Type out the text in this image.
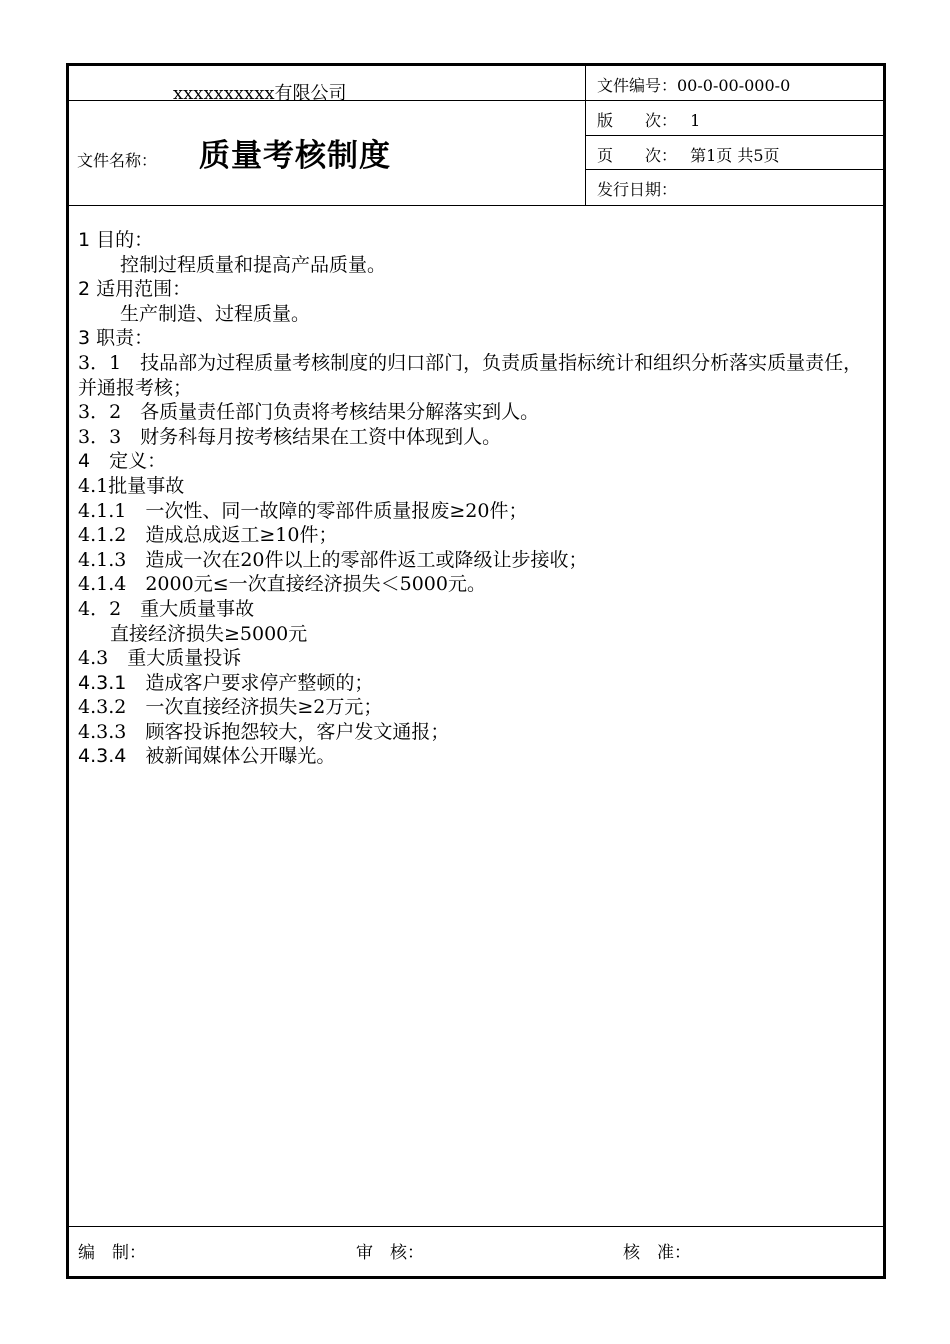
xxxxxxxxxx有限公司
文件名称： 质量考核制度
文件编号：00-0-00-000-0
版　　次：　 1
页　　次：　 第1页 共5页
发行日期：
1 目的：
控制过程质量和提高产品质量。
2 适用范围：
生产制造、过程质量。
3 职责：
3．1　技品部为过程质量考核制度的归口部门，负责质量指标统计和组织分析落实质量责任，并通报考核；
3．2　各质量责任部门负责将考核结果分解落实到人。
3．3　财务科每月按考核结果在工资中体现到人。
4　定义：
4.1批量事故
4.1.1　一次性、同一故障的零部件质量报废≥20件；
4.1.2　造成总成返工≥10件；
4.1.3　造成一次在20件以上的零部件返工或降级让步接收；
4.1.4　2000元≤一次直接经济损失＜5000元。
4．2　重大质量事故
直接经济损失≥5000元
4.3　重大质量投诉
4.3.1　造成客户要求停产整顿的；
4.3.2　一次直接经济损失≥2万元；
4.3.3　顾客投诉抱怨较大，客户发文通报；
4.3.4　被新闻媒体公开曝光。
编　制：	审　核：	核　准：
